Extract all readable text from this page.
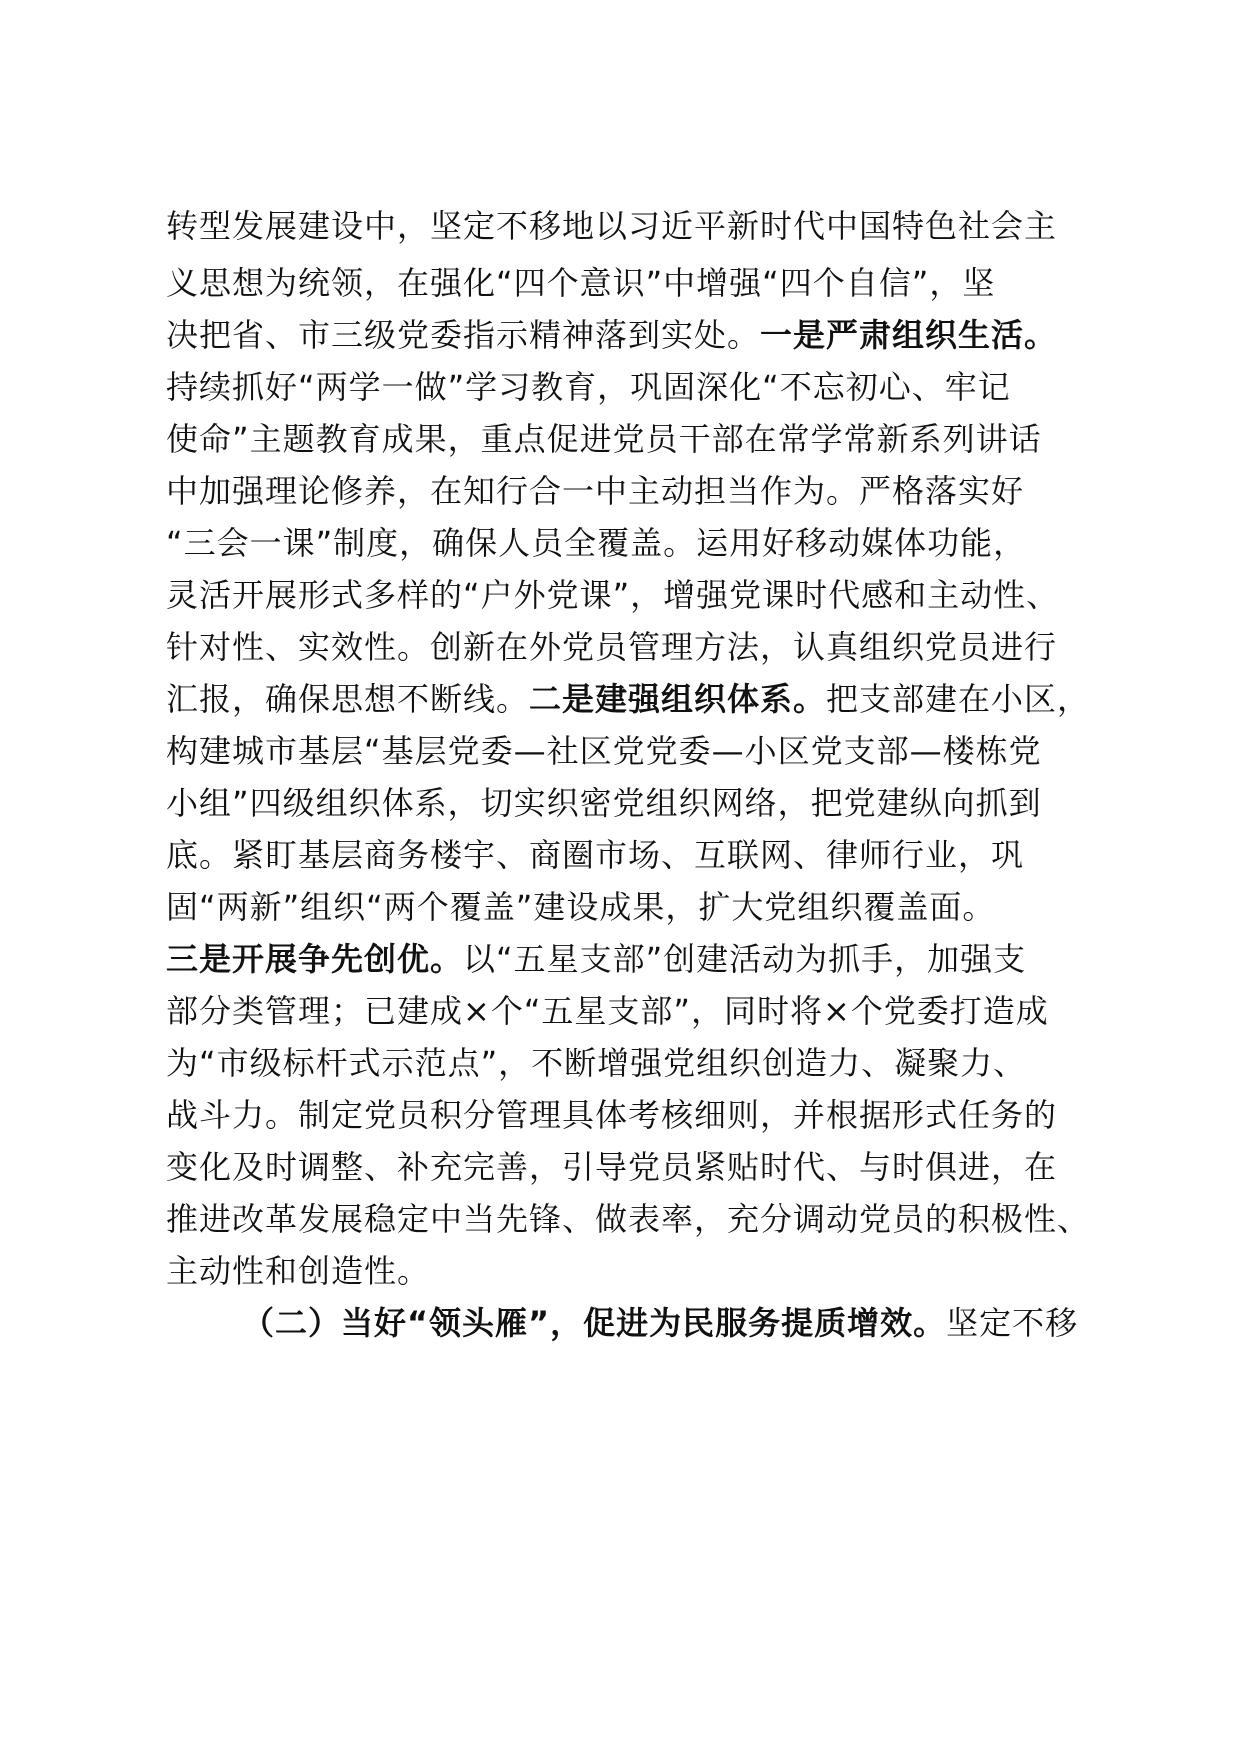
转型发展建设中，坚定不移地以习近平新时代中国特色社会主
义思想为统领，在强化“四个意识”中增强“四个自信”，坚
决把省、市三级党委指示精神落到实处。一是严肃组织生活。
持续抓好“两学一做”学习教育，巩固深化“不忘初心、牢记
使命”主题教育成果，重点促进党员干部在常学常新系列讲话
中加强理论修养，在知行合一中主动担当作为。严格落实好
“三会一课”制度，确保人员全覆盖。运用好移动媒体功能，
灵活开展形式多样的“户外党课”，增强党课时代感和主动性、
针对性、实效性。创新在外党员管理方法，认真组织党员进行
汇报，确保思想不断线。二是建强组织体系。把支部建在小区，
构建城市基层“基层党委—社区党党委—小区党支部—楼栋党
小组”四级组织体系，切实织密党组织网络，把党建纵向抓到
底。紧盯基层商务楼宇、商圈市场、互联网、律师行业，巩
固“两新”组织“两个覆盖”建设成果，扩大党组织覆盖面。
三是开展争先创优。以“五星支部”创建活动为抓手，加强支
部分类管理；已建成×个“五星支部”，同时将×个党委打造成
为“市级标杆式示范点”，不断增强党组织创造力、凝聚力、
战斗力。制定党员积分管理具体考核细则，并根据形式任务的
变化及时调整、补充完善，引导党员紧贴时代、与时俱进，在
推进改革发展稳定中当先锋、做表率，充分调动党员的积极性、
主动性和创造性。
（二）当好“领头雁”，促进为民服务提质增效。坚定不移
